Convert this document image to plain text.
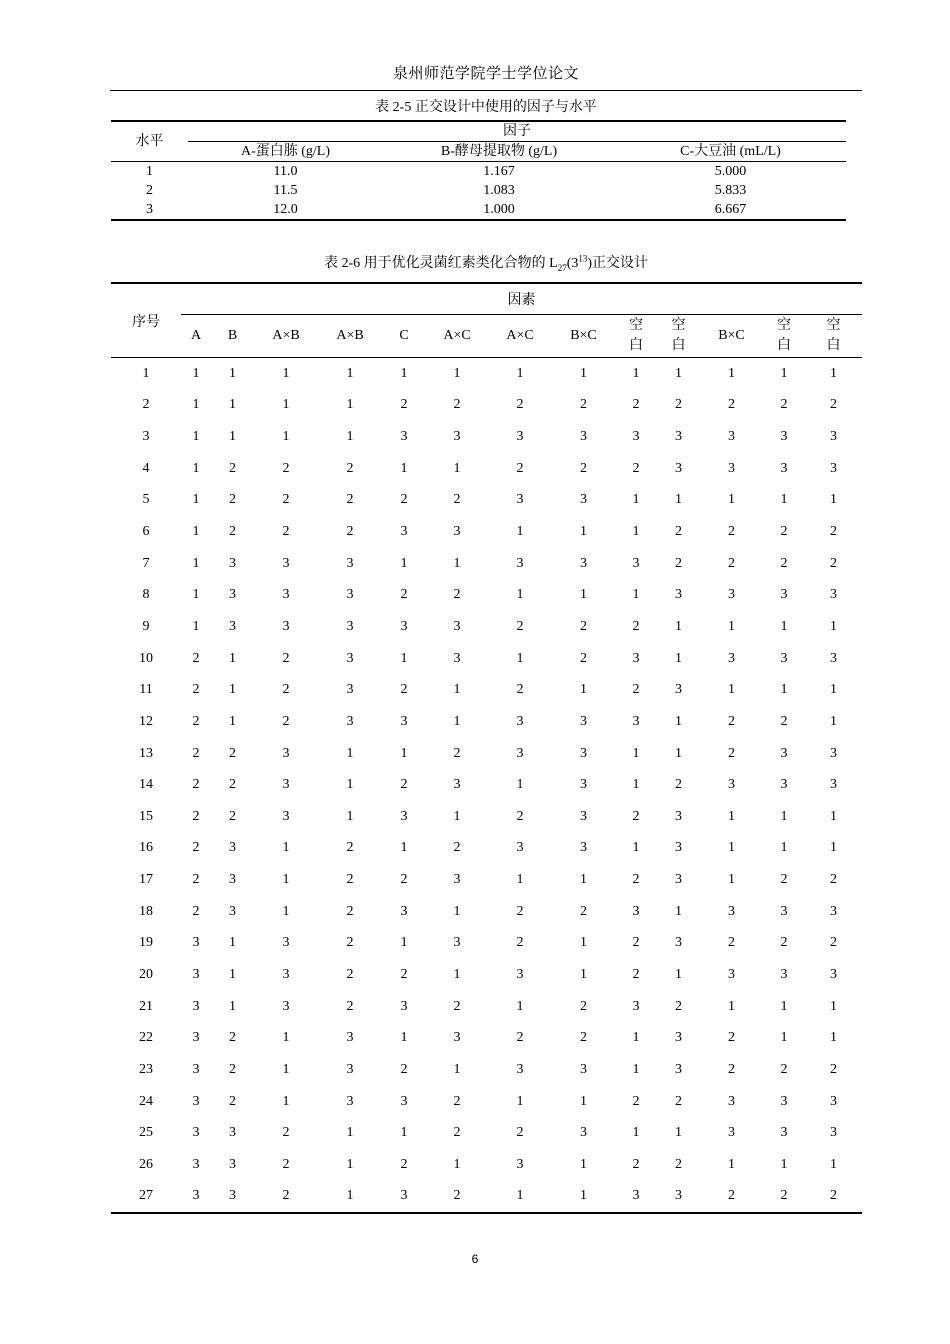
泉州师范学院学士学位论文
表 2-5 正交设计中使用的因子与水平
水平	因子		
	A-蛋白胨 (g/L)	B-酵母提取物 (g/L)	C-大豆油 (mL/L)
1	11.0	1.167	5.000
2	11.5	1.083	5.833
3	12.0	1.000	6.667
表 2-6 用于优化灵菌红素类化合物的 $L_{27}(3^{13})$正交设计
序号	因素												
	A	B	A×B	A×B	C	A×C	A×C	B×C	空白	空白	B×C	空白	空白
1	1	1	1	1	1	1	1	1	1	1	1	1	1
2	1	1	1	1	2	2	2	2	2	2	2	2	2
3	1	1	1	1	3	3	3	3	3	3	3	3	3
4	1	2	2	2	1	1	2	2	2	3	3	3	3
5	1	2	2	2	2	2	3	3	1	1	1	1	1
6	1	2	2	2	3	3	1	1	1	2	2	2	2
7	1	3	3	3	1	1	3	3	3	2	2	2	2
8	1	3	3	3	2	2	1	1	1	3	3	3	3
9	1	3	3	3	3	3	2	2	2	1	1	1	1
10	2	1	2	3	1	3	1	2	3	1	3	3	3
11	2	1	2	3	2	1	2	1	2	3	1	1	1
12	2	1	2	3	3	1	3	3	3	1	2	2	1
13	2	2	3	1	1	2	3	3	1	1	2	3	3
14	2	2	3	1	2	3	1	3	1	2	3	3	3
15	2	2	3	1	3	1	2	3	2	3	1	1	1
16	2	3	1	2	1	2	3	3	1	3	1	1	1
17	2	3	1	2	2	3	1	1	2	3	1	2	2
18	2	3	1	2	3	1	2	2	3	1	3	3	3
19	3	1	3	2	1	3	2	1	2	3	2	2	2
20	3	1	3	2	2	1	3	1	2	1	3	3	3
21	3	1	3	2	3	2	1	2	3	2	1	1	1
22	3	2	1	3	1	3	2	2	1	3	2	1	1
23	3	2	1	3	2	1	3	3	1	3	2	2	2
24	3	2	1	3	3	2	1	1	2	2	3	3	3
25	3	3	2	1	1	2	2	3	1	1	3	3	3
26	3	3	2	1	2	1	3	1	2	2	1	1	1
27	3	3	2	1	3	2	1	1	3	3	2	2	2
6
